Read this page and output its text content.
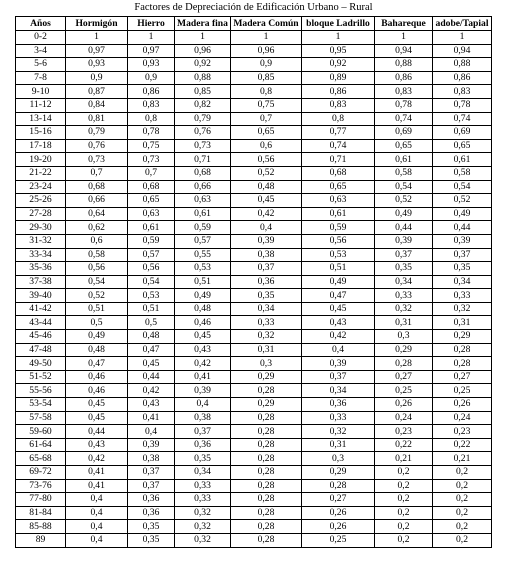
Factores de Depreciación de Edificación Urbano – Rural
Años	Hormigón	Hierro	Madera fina	Madera Común	bloque Ladrillo	Bahareque	adobe/Tapial
0-2	1	1	1	1	1	1	1
3-4	0,97	0,97	0,96	0,96	0,95	0,94	0,94
5-6	0,93	0,93	0,92	0,9	0,92	0,88	0,88
7-8	0,9	0,9	0,88	0,85	0,89	0,86	0,86
9-10	0,87	0,86	0,85	0,8	0,86	0,83	0,83
11-12	0,84	0,83	0,82	0,75	0,83	0,78	0,78
13-14	0,81	0,8	0,79	0,7	0,8	0,74	0,74
15-16	0,79	0,78	0,76	0,65	0,77	0,69	0,69
17-18	0,76	0,75	0,73	0,6	0,74	0,65	0,65
19-20	0,73	0,73	0,71	0,56	0,71	0,61	0,61
21-22	0,7	0,7	0,68	0,52	0,68	0,58	0,58
23-24	0,68	0,68	0,66	0,48	0,65	0,54	0,54
25-26	0,66	0,65	0,63	0,45	0,63	0,52	0,52
27-28	0,64	0,63	0,61	0,42	0,61	0,49	0,49
29-30	0,62	0,61	0,59	0,4	0,59	0,44	0,44
31-32	0,6	0,59	0,57	0,39	0,56	0,39	0,39
33-34	0,58	0,57	0,55	0,38	0,53	0,37	0,37
35-36	0,56	0,56	0,53	0,37	0,51	0,35	0,35
37-38	0,54	0,54	0,51	0,36	0,49	0,34	0,34
39-40	0,52	0,53	0,49	0,35	0,47	0,33	0,33
41-42	0,51	0,51	0,48	0,34	0,45	0,32	0,32
43-44	0,5	0,5	0,46	0,33	0,43	0,31	0,31
45-46	0,49	0,48	0,45	0,32	0,42	0,3	0,29
47-48	0,48	0,47	0,43	0,31	0,4	0,29	0,28
49-50	0,47	0,45	0,42	0,3	0,39	0,28	0,28
51-52	0,46	0,44	0,41	0,29	0,37	0,27	0,27
55-56	0,46	0,42	0,39	0,28	0,34	0,25	0,25
53-54	0,45	0,43	0,4	0,29	0,36	0,26	0,26
57-58	0,45	0,41	0,38	0,28	0,33	0,24	0,24
59-60	0,44	0,4	0,37	0,28	0,32	0,23	0,23
61-64	0,43	0,39	0,36	0,28	0,31	0,22	0,22
65-68	0,42	0,38	0,35	0,28	0,3	0,21	0,21
69-72	0,41	0,37	0,34	0,28	0,29	0,2	0,2
73-76	0,41	0,37	0,33	0,28	0,28	0,2	0,2
77-80	0,4	0,36	0,33	0,28	0,27	0,2	0,2
81-84	0,4	0,36	0,32	0,28	0,26	0,2	0,2
85-88	0,4	0,35	0,32	0,28	0,26	0,2	0,2
89	0,4	0,35	0,32	0,28	0,25	0,2	0,2
